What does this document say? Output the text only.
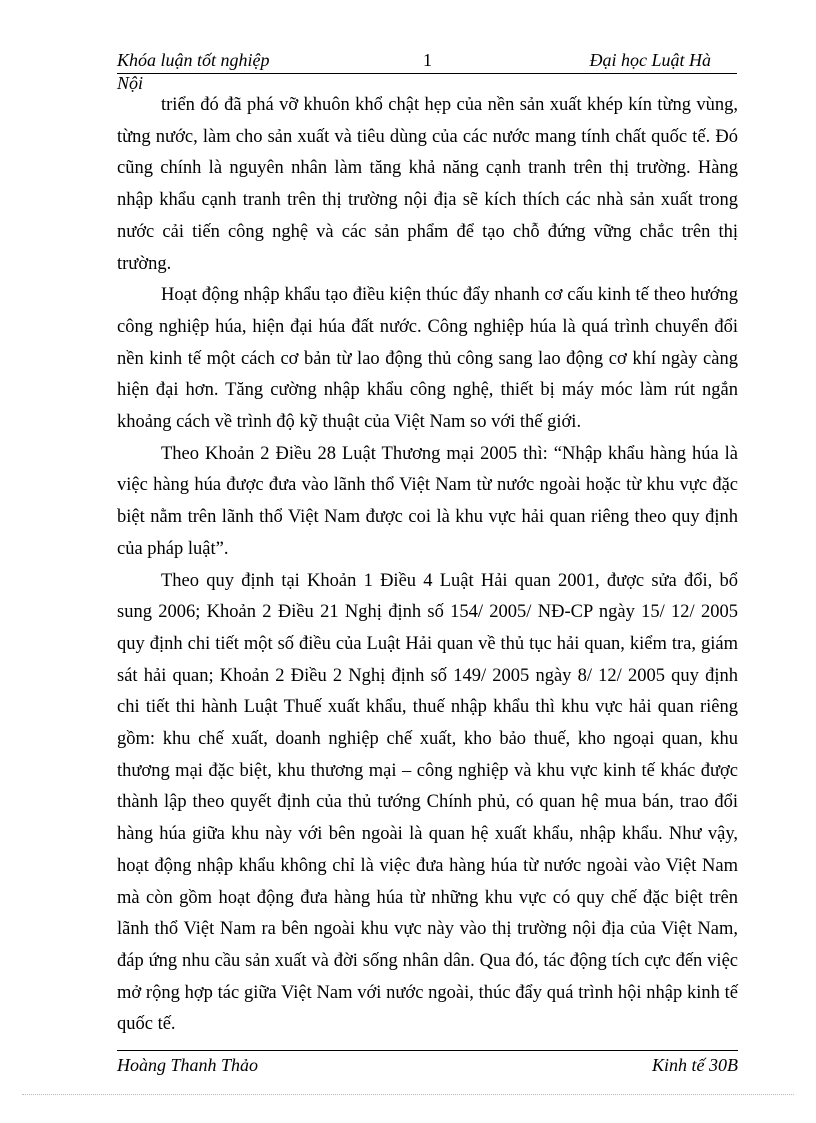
Khóa luận tốt nghiệp	1	Đại học Luật Hà
Nội

triển đó đã phá vỡ khuôn khổ chật hẹp của nền sản xuất khép kín từng vùng, từng nước, làm cho sản xuất và tiêu dùng của các nước mang tính chất quốc tế. Đó cũng chính là nguyên nhân làm tăng khả năng cạnh tranh trên thị trường. Hàng nhập khẩu cạnh tranh trên thị trường nội địa sẽ kích thích các nhà sản xuất trong nước cải tiến công nghệ và các sản phẩm để tạo chỗ đứng vững chắc trên thị trường.

Hoạt động nhập khẩu tạo điều kiện thúc đẩy nhanh cơ cấu kinh tế theo hướng công nghiệp húa, hiện đại húa đất nước. Công nghiệp húa là quá trình chuyển đổi nền kinh tế một cách cơ bản từ lao động thủ công sang lao động cơ khí ngày càng hiện đại hơn. Tăng cường nhập khẩu công nghệ, thiết bị máy móc làm rút ngắn khoảng cách về trình độ kỹ thuật của Việt Nam so với thế giới.

Theo Khoản 2 Điều 28 Luật Thương mại 2005 thì: “Nhập khẩu hàng húa là việc hàng húa được đưa vào lãnh thổ Việt Nam từ nước ngoài hoặc từ khu vực đặc biệt nằm trên lãnh thổ Việt Nam được coi là khu vực hải quan riêng theo quy định của pháp luật”.

Theo quy định tại Khoản 1 Điều 4 Luật Hải quan 2001, được sửa đổi, bổ sung 2006; Khoản 2 Điều 21 Nghị định số 154/ 2005/ NĐ-CP ngày 15/ 12/ 2005 quy định chi tiết một số điều của Luật Hải quan về thủ tục hải quan, kiểm tra, giám sát hải quan; Khoản 2 Điều 2 Nghị định số 149/ 2005 ngày 8/ 12/ 2005 quy định chi tiết thi hành Luật Thuế xuất khẩu, thuế nhập khẩu thì khu vực hải quan riêng gồm: khu chế xuất, doanh nghiệp chế xuất, kho bảo thuế, kho ngoại quan, khu thương mại đặc biệt, khu thương mại – công nghiệp và khu vực kinh tế khác được thành lập theo quyết định của thủ tướng Chính phủ, có quan hệ mua bán, trao đổi hàng húa giữa khu này với bên ngoài là quan hệ xuất khẩu, nhập khẩu. Như vậy, hoạt động nhập khẩu không chỉ là việc đưa hàng húa từ nước ngoài vào Việt Nam mà còn gồm hoạt động đưa hàng húa từ những khu vực có quy chế đặc biệt trên lãnh thổ Việt Nam ra bên ngoài khu vực này vào thị trường nội địa của Việt Nam, đáp ứng nhu cầu sản xuất và đời sống nhân dân. Qua đó, tác động tích cực đến việc mở rộng hợp tác giữa Việt Nam với nước ngoài, thúc đẩy quá trình hội nhập kinh tế quốc tế.

Hoàng Thanh Thảo	Kinh tế 30B
